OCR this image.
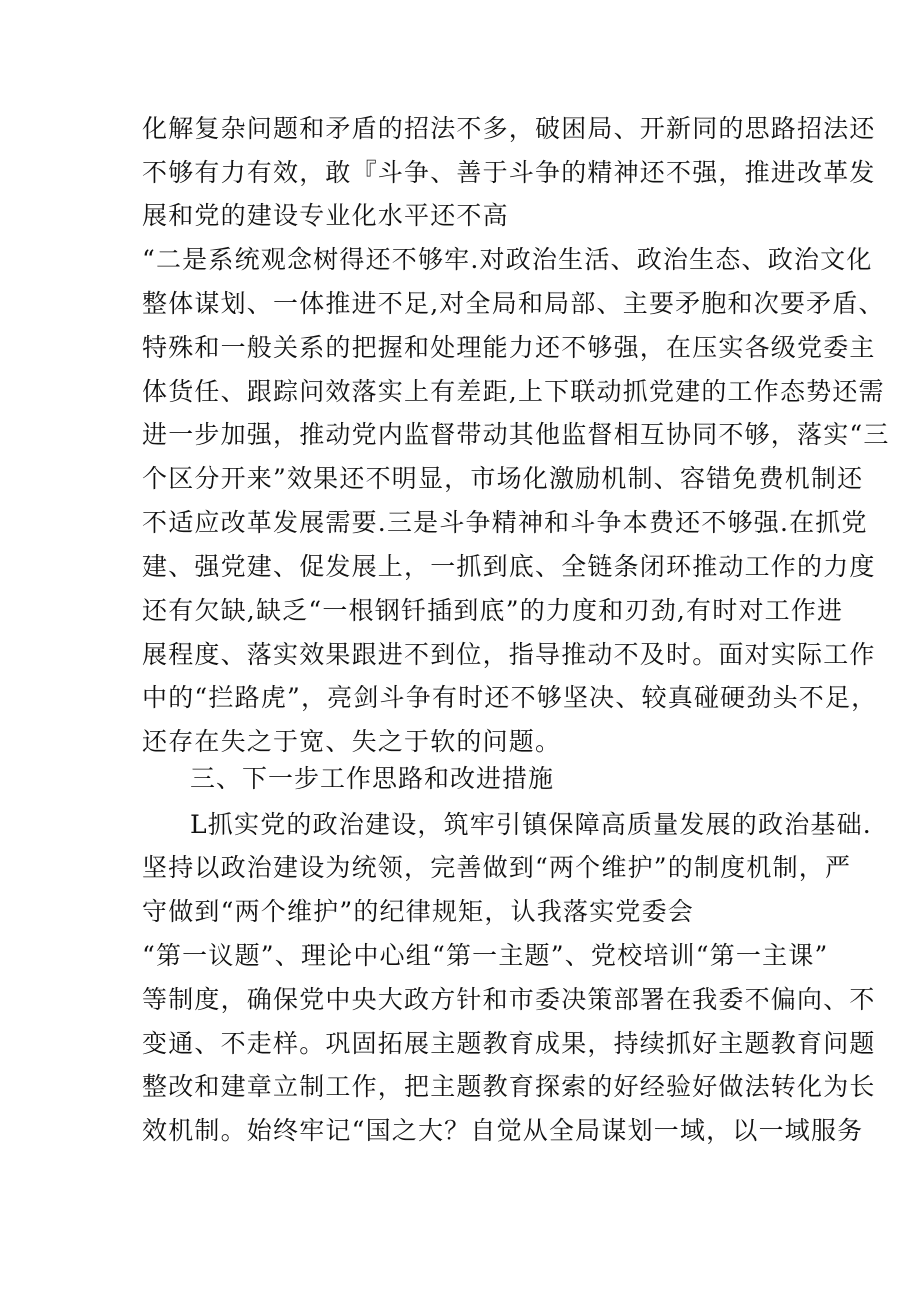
化解复杂问题和矛盾的招法不多，破困局、开新同的思路招法还
不够有力有效，敢『斗争、善于斗争的精神还不强，推进改革发
展和党的建设专业化水平还不高
“二是系统观念树得还不够牢.对政治生活、政治生态、政治文化
整体谋划、一体推进不足,对全局和局部、主要矛胞和次要矛盾、
特殊和一般关系的把握和处理能力还不够强，在压实各级党委主
体货任、跟踪问效落实上有差距,上下联动抓党建的工作态势还需
进一步加强，推动党内监督带动其他监督相互协同不够，落实“三
个区分开来”效果还不明显，市场化激励机制、容错免费机制还
不适应改革发展需要.三是斗争精神和斗争本费还不够强.在抓党
建、强党建、促发展上，一抓到底、全链条闭环推动工作的力度
还有欠缺,缺乏“一根钢钎插到底”的力度和刃劲,有时对工作进
展程度、落实效果跟进不到位，指导推动不及时。面对实际工作
中的“拦路虎”，亮剑斗争有时还不够坚决、较真碰硬劲头不足，
还存在失之于宽、失之于软的问题。
三、下一步工作思路和改进措施
L抓实党的政治建设，筑牢引镇保障高质量发展的政治基础.
坚持以政治建设为统领，完善做到“两个维护”的制度机制，严
守做到“两个维护”的纪律规矩，认我落实党委会
“第一议题”、理论中心组“第一主题”、党校培训“第一主课”
等制度，确保党中央大政方针和市委决策部署在我委不偏向、不
变通、不走样。巩固拓展主题教育成果，持续抓好主题教育问题
整改和建章立制工作，把主题教育探索的好经验好做法转化为长
效机制。始终牢记“国之大？自觉从全局谋划一域，以一域服务
